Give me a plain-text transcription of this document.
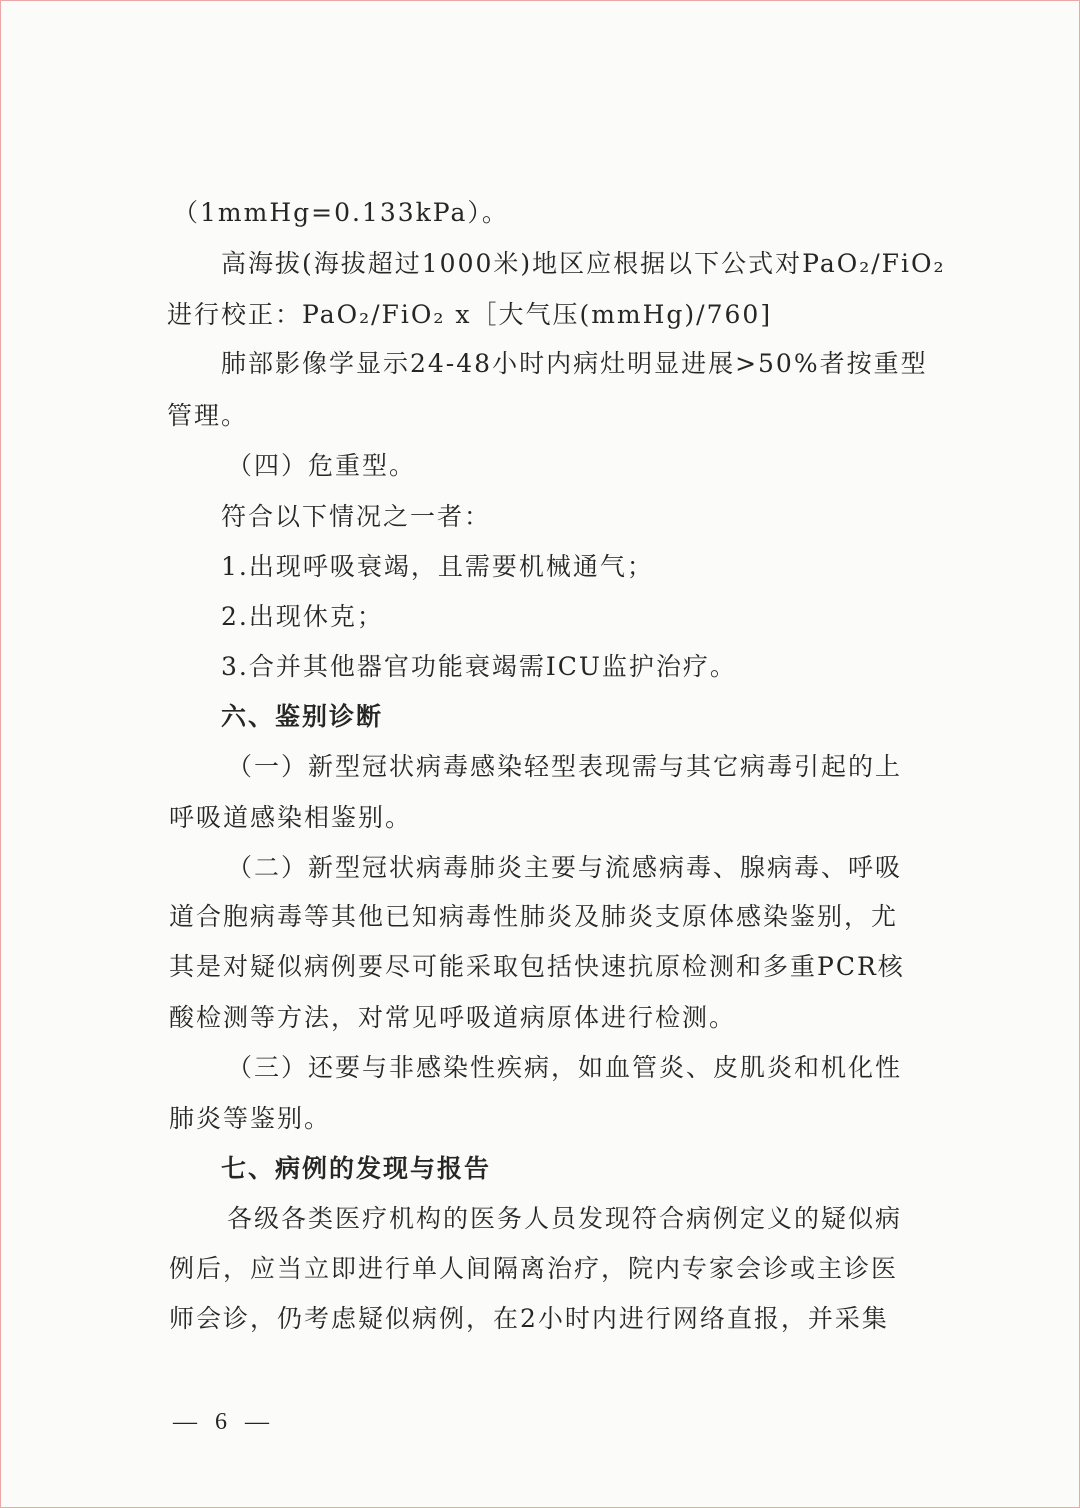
（1mmHg=0.133kPa）。
高海拔(海拔超过1000米)地区应根据以下公式对PaO₂/FiO₂
进行校正：PaO₂/FiO₂ x［大气压(mmHg)/760]
肺部影像学显示24-48小时内病灶明显进展>50%者按重型
管理。
（四）危重型。
符合以下情况之一者：
1.出现呼吸衰竭，且需要机械通气；
2.出现休克；
3.合并其他器官功能衰竭需ICU监护治疗。
六、鉴别诊断
（一）新型冠状病毒感染轻型表现需与其它病毒引起的上
呼吸道感染相鉴别。
（二）新型冠状病毒肺炎主要与流感病毒、腺病毒、呼吸
道合胞病毒等其他已知病毒性肺炎及肺炎支原体感染鉴别，尤
其是对疑似病例要尽可能采取包括快速抗原检测和多重PCR核
酸检测等方法，对常见呼吸道病原体进行检测。
（三）还要与非感染性疾病，如血管炎、皮肌炎和机化性
肺炎等鉴别。
七、病例的发现与报告
各级各类医疗机构的医务人员发现符合病例定义的疑似病
例后，应当立即进行单人间隔离治疗，院内专家会诊或主诊医
师会诊，仍考虑疑似病例，在2小时内进行网络直报，并采集
— 6 —
